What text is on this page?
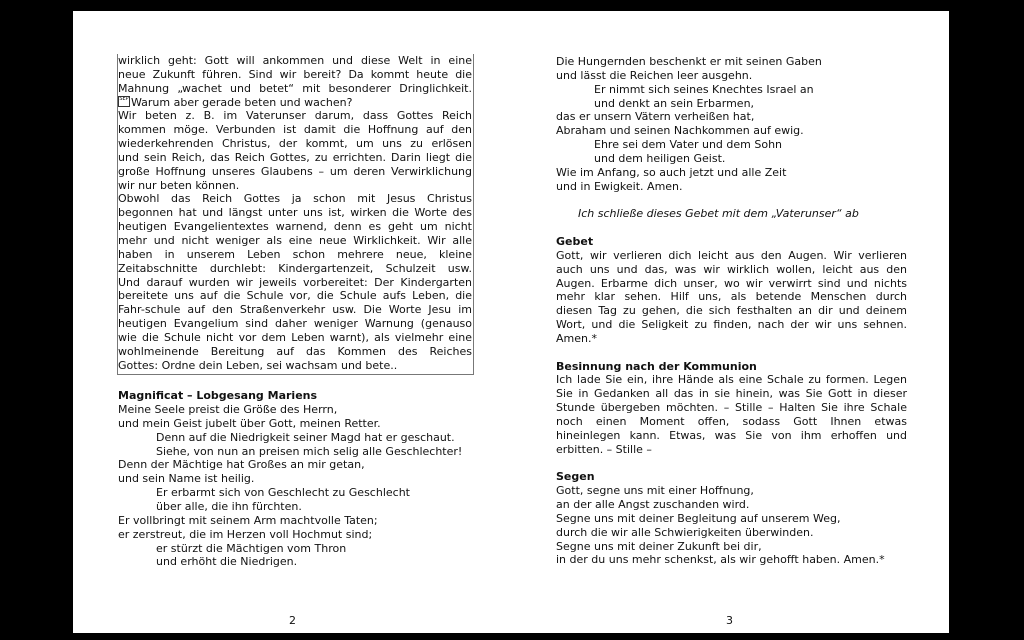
wirklich geht: Gott will ankommen und diese Welt in eine
neue Zukunft führen. Sind wir bereit? Da kommt heute die
Mahnung „wachet und betet“ mit besonderer Dringlichkeit.
SEP Warum aber gerade beten und wachen?
Wir beten z. B. im Vaterunser darum, dass Gottes Reich
kommen möge. Verbunden ist damit die Hoffnung auf den
wiederkehrenden Christus, der kommt, um uns zu erlösen
und sein Reich, das Reich Gottes, zu errichten. Darin liegt die
große Hoffnung unseres Glaubens – um deren Verwirklichung
wir nur beten können.
Obwohl das Reich Gottes ja schon mit Jesus Christus
begonnen hat und längst unter uns ist, wirken die Worte des
heutigen Evangelientextes warnend, denn es geht um nicht
mehr und nicht weniger als eine neue Wirklichkeit. Wir alle
haben in unserem Leben schon mehrere neue, kleine
Zeitabschnitte durchlebt: Kindergartenzeit, Schulzeit usw.
Und darauf wurden wir jeweils vorbereitet: Der Kindergarten
bereitete uns auf die Schule vor, die Schule aufs Leben, die
Fahr-schule auf den Straßenverkehr usw. Die Worte Jesu im
heutigen Evangelium sind daher weniger Warnung (genauso
wie die Schule nicht vor dem Leben warnt), als vielmehr eine
wohlmeinende Bereitung auf das Kommen des Reiches
Gottes: Ordne dein Leben, sei wachsam und bete..
Magnificat – Lobgesang Mariens
Meine Seele preist die Größe des Herrn,
und mein Geist jubelt über Gott, meinen Retter.
Denn auf die Niedrigkeit seiner Magd hat er geschaut.
Siehe, von nun an preisen mich selig alle Geschlechter!
Denn der Mächtige hat Großes an mir getan,
und sein Name ist heilig.
Er erbarmt sich von Geschlecht zu Geschlecht
über alle, die ihn fürchten.
Er vollbringt mit seinem Arm machtvolle Taten;
er zerstreut, die im Herzen voll Hochmut sind;
er stürzt die Mächtigen vom Thron
und erhöht die Niedrigen.
Die Hungernden beschenkt er mit seinen Gaben
und lässt die Reichen leer ausgehn.
Er nimmt sich seines Knechtes Israel an
und denkt an sein Erbarmen,
das er unsern Vätern verheißen hat,
Abraham und seinen Nachkommen auf ewig.
Ehre sei dem Vater und dem Sohn
und dem heiligen Geist.
Wie im Anfang, so auch jetzt und alle Zeit
und in Ewigkeit. Amen.
Ich schließe dieses Gebet mit dem „Vaterunser“ ab
Gebet
Gott, wir verlieren dich leicht aus den Augen. Wir verlieren
auch uns und das, was wir wirklich wollen, leicht aus den
Augen. Erbarme dich unser, wo wir verwirrt sind und nichts
mehr klar sehen. Hilf uns, als betende Menschen durch
diesen Tag zu gehen, die sich festhalten an dir und deinem
Wort, und die Seligkeit zu finden, nach der wir uns sehnen.
Amen.*
Besinnung nach der Kommunion
Ich lade Sie ein, ihre Hände als eine Schale zu formen. Legen
Sie in Gedanken all das in sie hinein, was Sie Gott in dieser
Stunde übergeben möchten. – Stille – Halten Sie ihre Schale
noch einen Moment offen, sodass Gott Ihnen etwas
hineinlegen kann. Etwas, was Sie von ihm erhoffen und
erbitten. – Stille –
Segen
Gott, segne uns mit einer Hoffnung,
an der alle Angst zuschanden wird.
Segne uns mit deiner Begleitung auf unserem Weg,
durch die wir alle Schwierigkeiten überwinden.
Segne uns mit deiner Zukunft bei dir,
in der du uns mehr schenkst, als wir gehofft haben. Amen.*
2	3
